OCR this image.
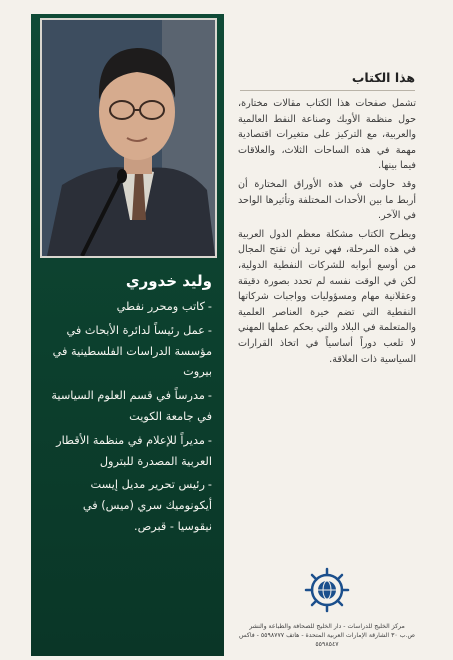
وليد خدوري
-كاتب ومحرر نفطي
-عمل رئيساً لدائرة الأبحاث في مؤسسة الدراسات الفلسطينية في بيروت
-مدرساً في قسم العلوم السياسية في جامعة الكويت
-مديراً للإعلام في منظمة الأقطار العربية المصدرة للبترول
-رئيس تحرير مديل إيست أيكونوميك سري (ميس) في نيقوسيا - قبرص.
هذا الكتاب

تشمل صفحات هذا الكتاب مقالات مختارة، حول منظمة الأوبك وصناعة النفط العالمية والعربية، مع التركيز على متغيرات اقتصادية مهمة في هذه الساحات الثلاث، والعلاقات فيما بينها.

وقد حاولت في هذه الأوراق المختارة أن أربط ما بين الأحداث المختلفة وتأثيرها الواحد في الآخر.

ويطرح الكتاب مشكلة معظم الدول العربية في هذه المرحلة، فهي تريد أن تفتح المجال من أوسع أبوابه للشركات النفطية الدولية، لكن في الوقت نفسه لم تحدد بصورة دقيقة وعقلانية مهام ومسؤوليات وواجبات شركاتها النفطية التي تضم خيرة العناصر العلمية والمتعلمة في البلاد والتي بحكم عملها المهني لا تلعب دوراً أساسياً في اتخاذ القرارات السياسية ذات العلاقة.

مركز الخليج للدراسات - دار الخليج للصحافة والطباعة والنشر
ص.ب ٣٠ الشارقة الإمارات العربية المتحدة - هاتف ٥٥٩٨٧٧٧ - فاكس ٥٥٩٨٥٤٧
